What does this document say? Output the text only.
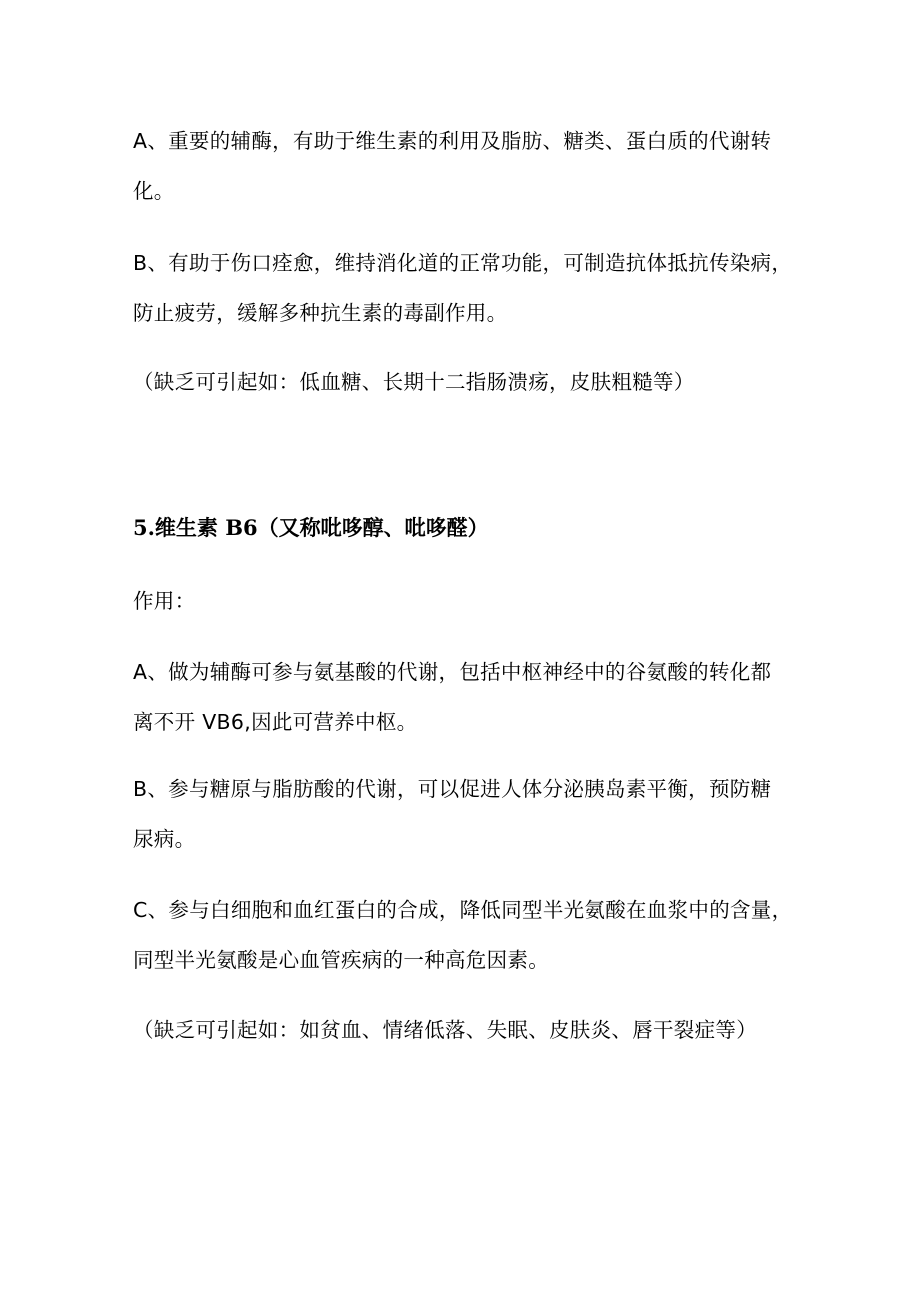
A、重要的辅酶，有助于维生素的利用及脂肪、糖类、蛋白质的代谢转
化。

B、有助于伤口痊愈，维持消化道的正常功能，可制造抗体抵抗传染病，
防止疲劳，缓解多种抗生素的毒副作用。

（缺乏可引起如：低血糖、长期十二指肠溃疡，皮肤粗糙等）

5.维生素 B6（又称吡哆醇、吡哆醛）

作用：

A、做为辅酶可参与氨基酸的代谢，包括中枢神经中的谷氨酸的转化都
离不开 VB6,因此可营养中枢。

B、参与糖原与脂肪酸的代谢，可以促进人体分泌胰岛素平衡，预防糖
尿病。

C、参与白细胞和血红蛋白的合成，降低同型半光氨酸在血浆中的含量，
同型半光氨酸是心血管疾病的一种高危因素。

（缺乏可引起如：如贫血、情绪低落、失眠、皮肤炎、唇干裂症等）
